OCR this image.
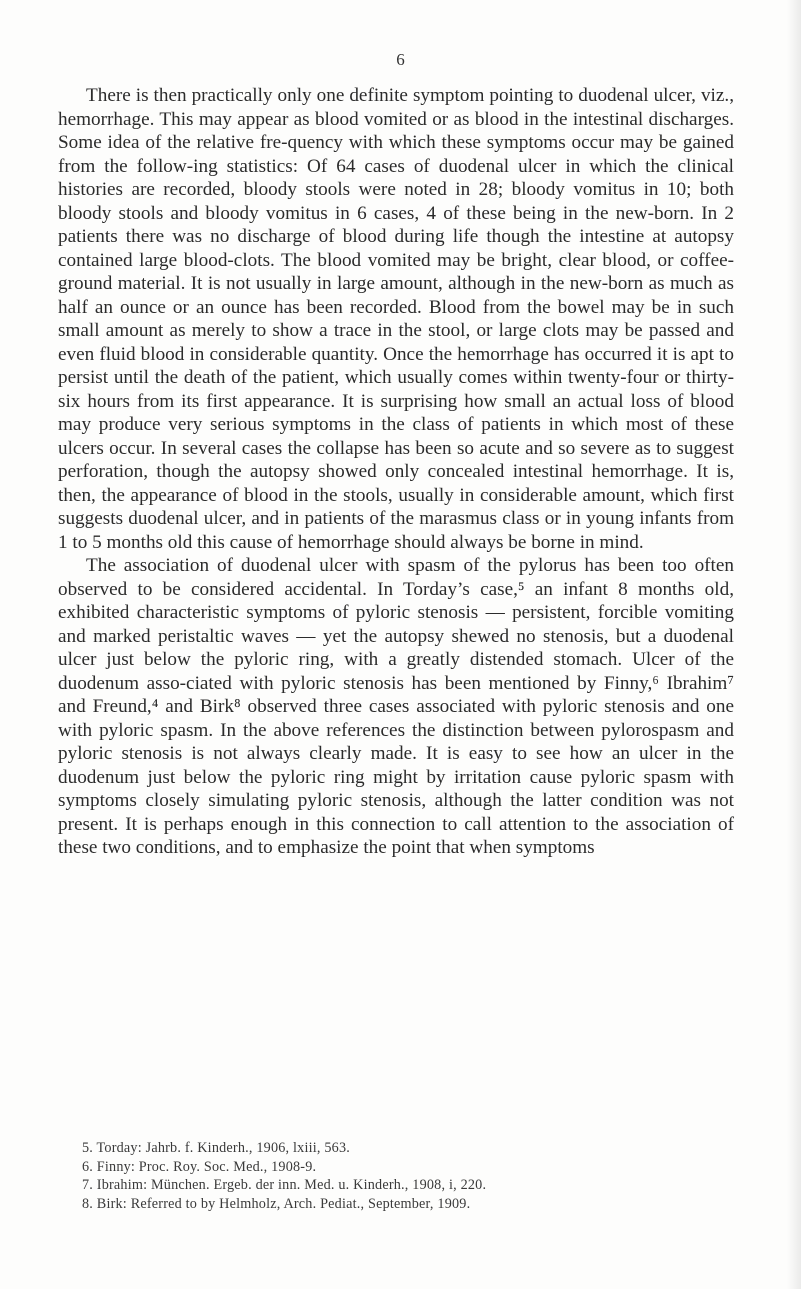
6

There is then practically only one definite symptom pointing to duodenal ulcer, viz., hemorrhage. This may appear as blood vomited or as blood in the intestinal discharges. Some idea of the relative fre-quency with which these symptoms occur may be gained from the follow-ing statistics: Of 64 cases of duodenal ulcer in which the clinical histories are recorded, bloody stools were noted in 28; bloody vomitus in 10; both bloody stools and bloody vomitus in 6 cases, 4 of these being in the new-born. In 2 patients there was no discharge of blood during life though the intestine at autopsy contained large blood-clots. The blood vomited may be bright, clear blood, or coffee-ground material. It is not usually in large amount, although in the new-born as much as half an ounce or an ounce has been recorded. Blood from the bowel may be in such small amount as merely to show a trace in the stool, or large clots may be passed and even fluid blood in considerable quantity. Once the hemorrhage has occurred it is apt to persist until the death of the patient, which usually comes within twenty-four or thirty-six hours from its first appearance. It is surprising how small an actual loss of blood may produce very serious symptoms in the class of patients in which most of these ulcers occur. In several cases the collapse has been so acute and so severe as to suggest perforation, though the autopsy showed only concealed intestinal hemorrhage. It is, then, the appearance of blood in the stools, usually in considerable amount, which first suggests duodenal ulcer, and in patients of the marasmus class or in young infants from 1 to 5 months old this cause of hemorrhage should always be borne in mind.

The association of duodenal ulcer with spasm of the pylorus has been too often observed to be considered accidental. In Torday’s case,⁵ an infant 8 months old, exhibited characteristic symptoms of pyloric stenosis — persistent, forcible vomiting and marked peristaltic waves — yet the autopsy shewed no stenosis, but a duodenal ulcer just below the pyloric ring, with a greatly distended stomach. Ulcer of the duodenum asso-ciated with pyloric stenosis has been mentioned by Finny,⁶ Ibrahim⁷ and Freund,⁴ and Birk⁸ observed three cases associated with pyloric stenosis and one with pyloric spasm. In the above references the distinction between pylorospasm and pyloric stenosis is not always clearly made. It is easy to see how an ulcer in the duodenum just below the pyloric ring might by irritation cause pyloric spasm with symptoms closely simulating pyloric stenosis, although the latter condition was not present. It is perhaps enough in this connection to call attention to the association of these two conditions, and to emphasize the point that when symptoms

5. Torday: Jahrb. f. Kinderh., 1906, lxiii, 563.
6. Finny: Proc. Roy. Soc. Med., 1908-9.
7. Ibrahim: München. Ergeb. der inn. Med. u. Kinderh., 1908, i, 220.
8. Birk: Referred to by Helmholz, Arch. Pediat., September, 1909.
